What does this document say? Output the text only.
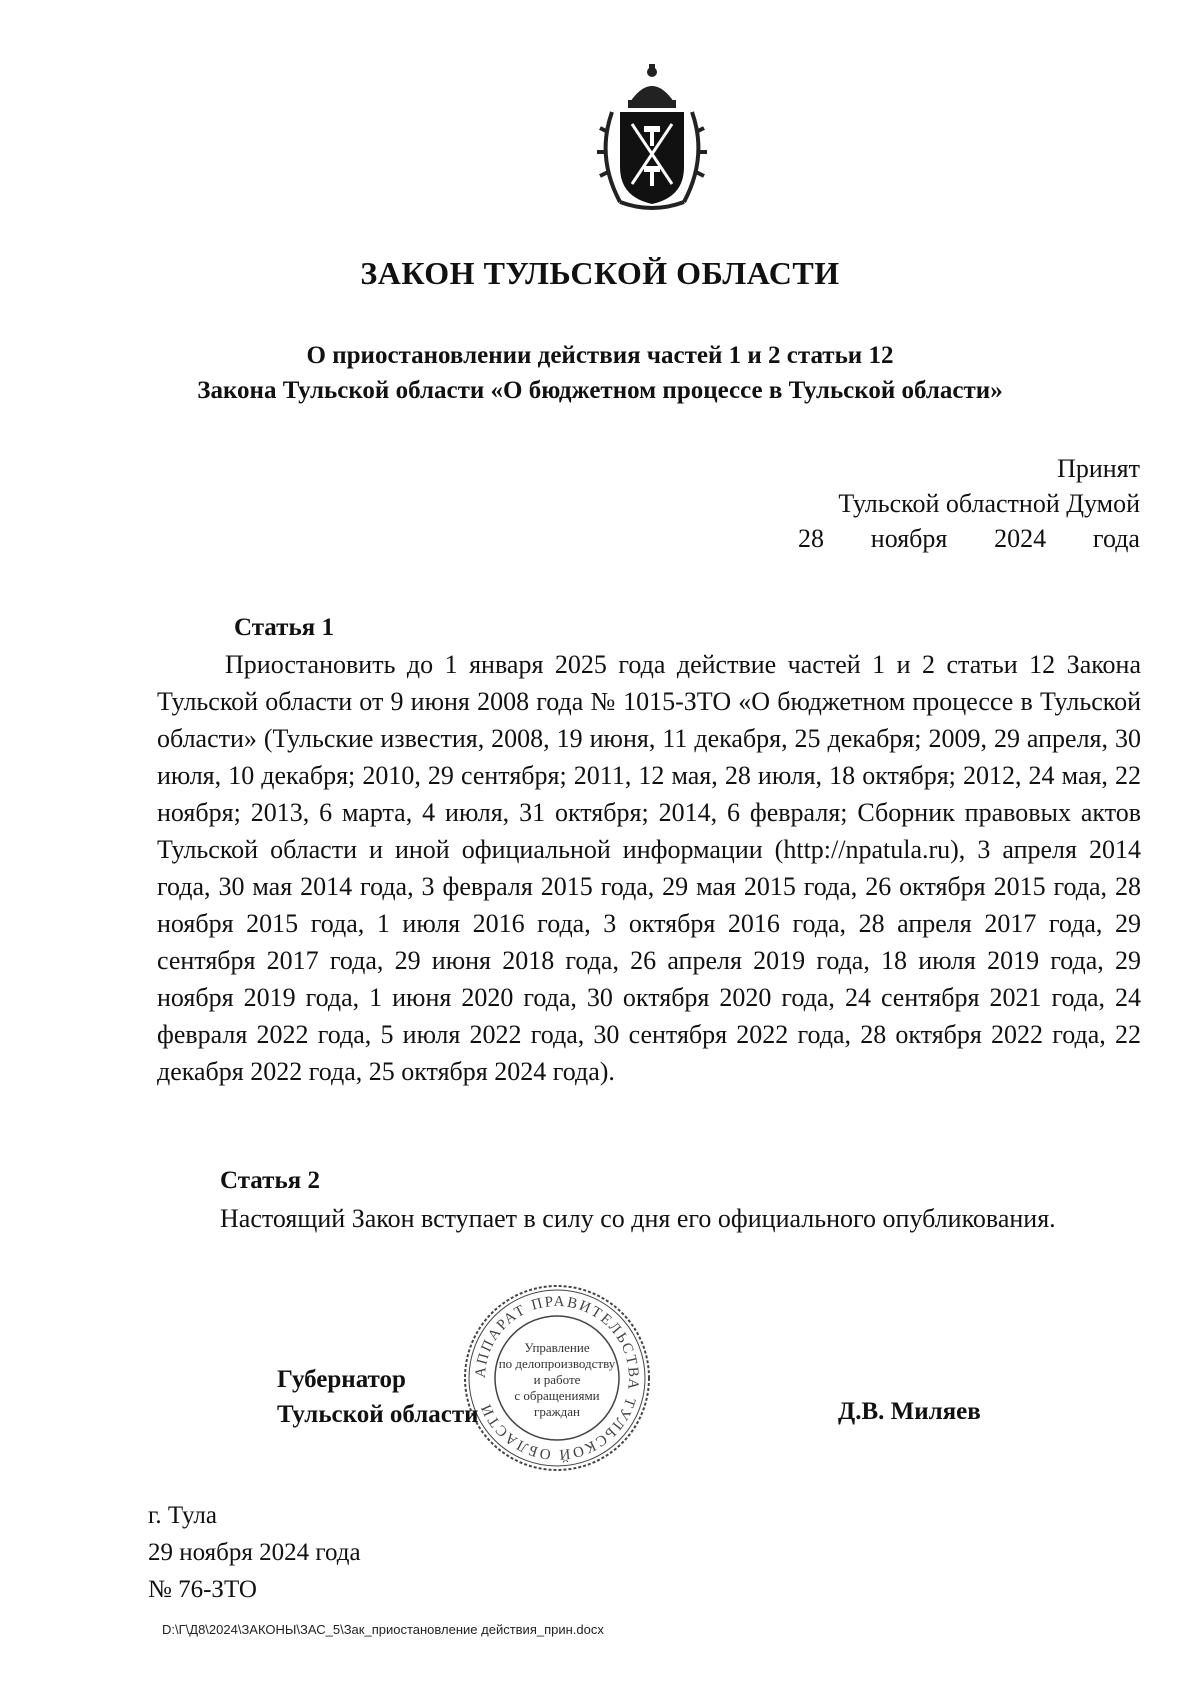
ЗАКОН ТУЛЬСКОЙ ОБЛАСТИ
О приостановлении действия частей 1 и 2 статьи 12
Закона Тульской области «О бюджетном процессе в Тульской области»
Принят
Тульской областной Думой
28 ноября 2024 года
Статья 1
Приостановить до 1 января 2025 года действие частей 1 и 2 статьи 12 Закона Тульской области от 9 июня 2008 года № 1015-ЗТО «О бюджетном процессе в Тульской области» (Тульские известия, 2008, 19 июня, 11 декабря, 25 декабря; 2009, 29 апреля, 30 июля, 10 декабря; 2010, 29 сентября; 2011, 12 мая, 28 июля, 18 октября; 2012, 24 мая, 22 ноября; 2013, 6 марта, 4 июля, 31 октября; 2014, 6 февраля; Сборник правовых актов Тульской области и иной официальной информации (http://npatula.ru), 3 апреля 2014 года, 30 мая 2014 года, 3 февраля 2015 года, 29 мая 2015 года, 26 октября 2015 года, 28 ноября 2015 года, 1 июля 2016 года, 3 октября 2016 года, 28 апреля 2017 года, 29 сентября 2017 года, 29 июня 2018 года, 26 апреля 2019 года, 18 июля 2019 года, 29 ноября 2019 года, 1 июня 2020 года, 30 октября 2020 года, 24 сентября 2021 года, 24 февраля 2022 года, 5 июля 2022 года, 30 сентября 2022 года, 28 октября 2022 года, 22 декабря 2022 года, 25 октября 2024 года).
Статья 2
Настоящий Закон вступает в силу со дня его официального опубликования.
АППАРАТ ПРАВИТЕЛЬСТВА ТУЛЬСКОЙ ОБЛАСТИ
Управление
по делопроизводству
и работе
с обращениями
граждан
Губернатор
Тульской области	Д.В. Миляев
г. Тула
29 ноября 2024 года
№ 76-ЗТО
D:\Г\Д8\2024\ЗАКОНЫ\ЗАС_5\Зак_приостановление действия_прин.docx
